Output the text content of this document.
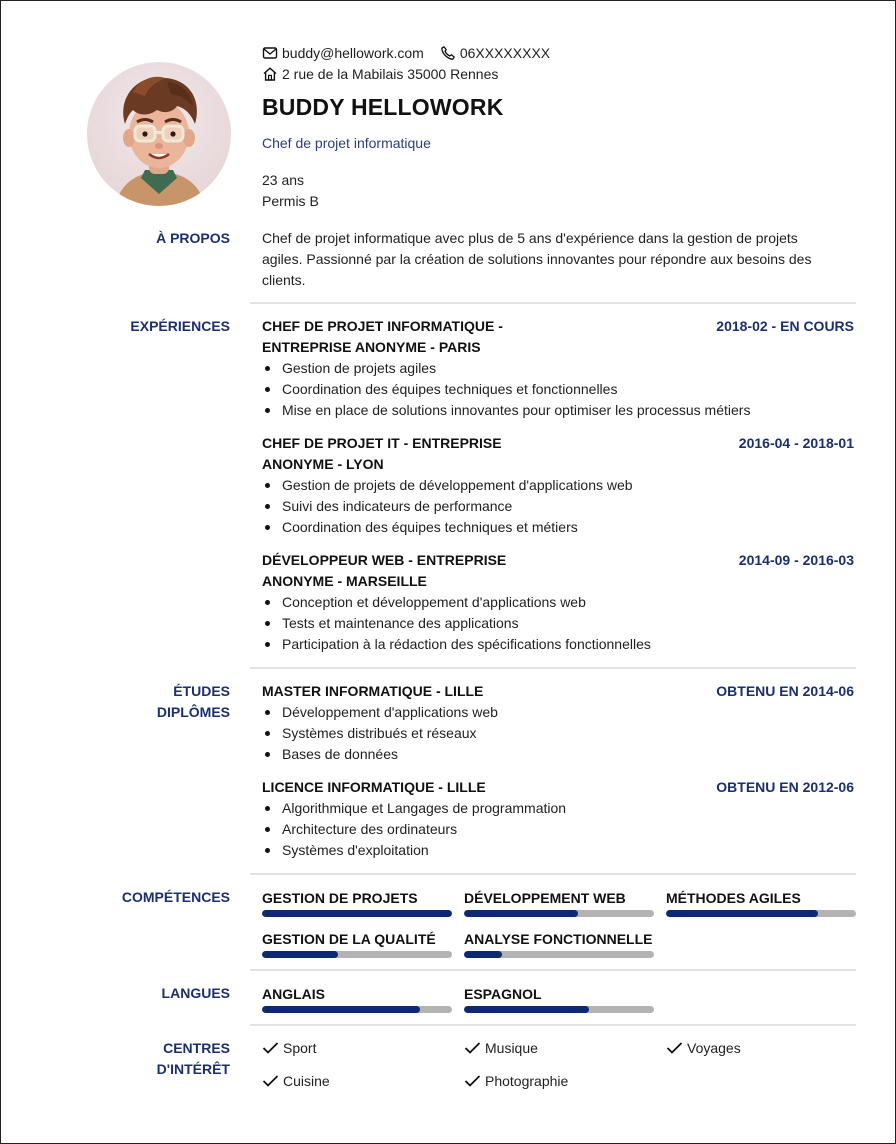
buddy@hellowork.com	06XXXXXXXX
2 rue de la Mabilais 35000 Rennes
BUDDY HELLOWORK
Chef de projet informatique
23 ans
Permis B
À PROPOS Chef de projet informatique avec plus de 5 ans d'expérience dans la gestion de projets
agiles. Passionné par la création de solutions innovantes pour répondre aux besoins des
clients.
EXPÉRIENCES CHEF DE PROJET INFORMATIQUE -
ENTREPRISE ANONYME - PARIS
2018-02 - EN COURS
Gestion de projets agiles
Coordination des équipes techniques et fonctionnelles
Mise en place de solutions innovantes pour optimiser les processus métiers
CHEF DE PROJET IT - ENTREPRISE
ANONYME - LYON
2016-04 - 2018-01
Gestion de projets de développement d'applications web
Suivi des indicateurs de performance
Coordination des équipes techniques et métiers
DÉVELOPPEUR WEB - ENTREPRISE
ANONYME - MARSEILLE
2014-09 - 2016-03
Conception et développement d'applications web
Tests et maintenance des applications
Participation à la rédaction des spécifications fonctionnelles
ÉTUDES
DIPLÔMES
MASTER INFORMATIQUE - LILLE	OBTENU EN 2014-06
Développement d'applications web
Systèmes distribués et réseaux
Bases de données
LICENCE INFORMATIQUE - LILLE	OBTENU EN 2012-06
Algorithmique et Langages de programmation
Architecture des ordinateurs
Systèmes d'exploitation
COMPÉTENCES GESTION DE PROJETS	DÉVELOPPEMENT WEB	MÉTHODES AGILES
GESTION DE LA QUALITÉ	ANALYSE FONCTIONNELLE
LANGUES ANGLAIS	ESPAGNOL
CENTRES
D'INTÉRÊT
Sport	Musique	Voyages
Cuisine	Photographie
